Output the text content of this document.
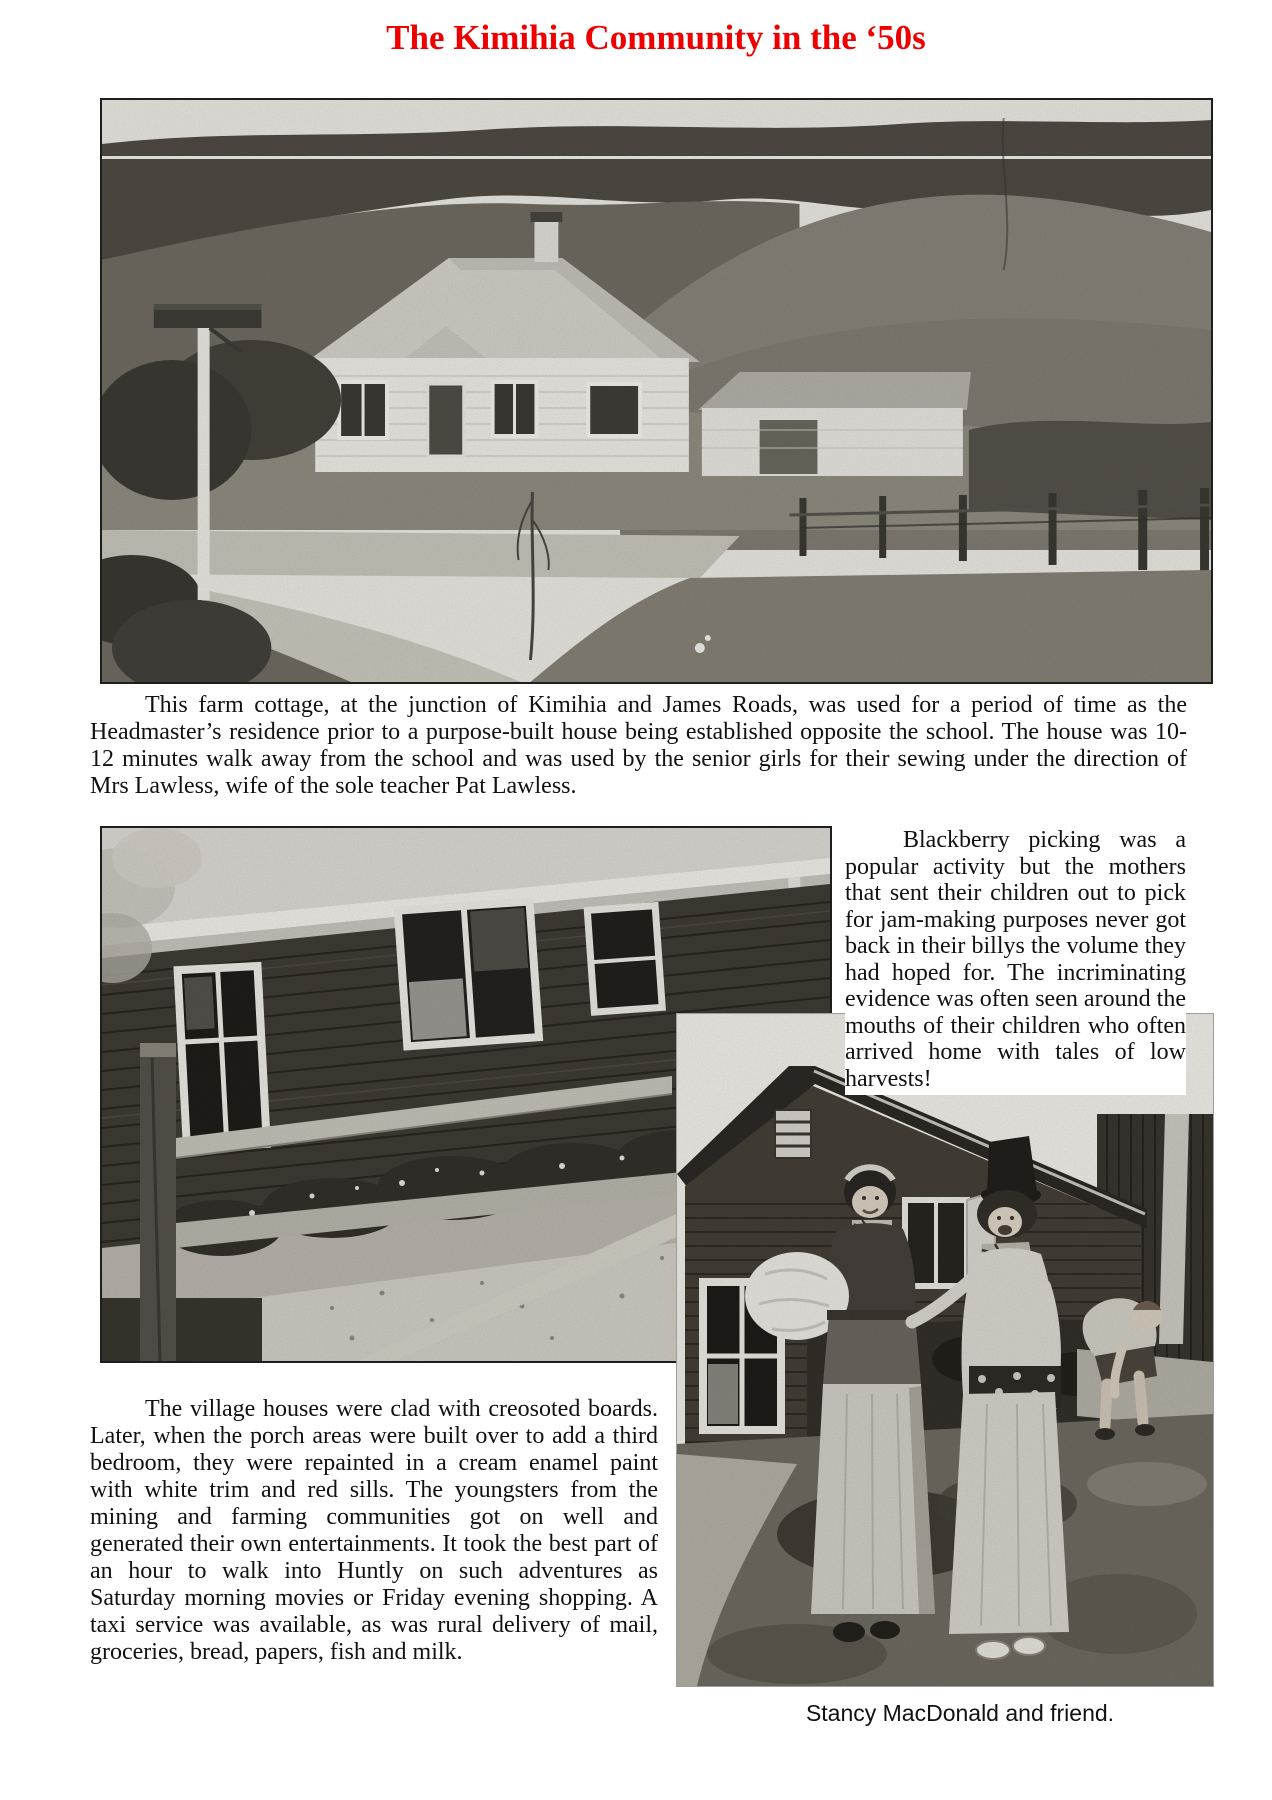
The Kimihia Community in the ‘50s
This farm cottage, at the junction of Kimihia and James Roads, was used for a period of time as the Headmaster’s residence prior to a purpose-built house being established opposite the school. The house was 10-12 minutes walk away from the school and was used by the senior girls for their sewing under the direction of Mrs Lawless, wife of the sole teacher Pat Lawless.
Blackberry picking was a popular activity but the mothers that sent their children out to pick for jam-making purposes never got back in their billys the volume they had hoped for. The incriminating evidence was often seen around the mouths of their children who often arrived home with tales of low harvests!
The village houses were clad with creosoted boards. Later, when the porch areas were built over to add a third bedroom, they were repainted in a cream enamel paint with white trim and red sills. The youngsters from the mining and farming communities got on well and generated their own entertainments. It took the best part of an hour to walk into Huntly on such adventures as Saturday morning movies or Friday evening shopping. A taxi service was available, as was rural delivery of mail, groceries, bread, papers, fish and milk.
Stancy MacDonald and friend.
